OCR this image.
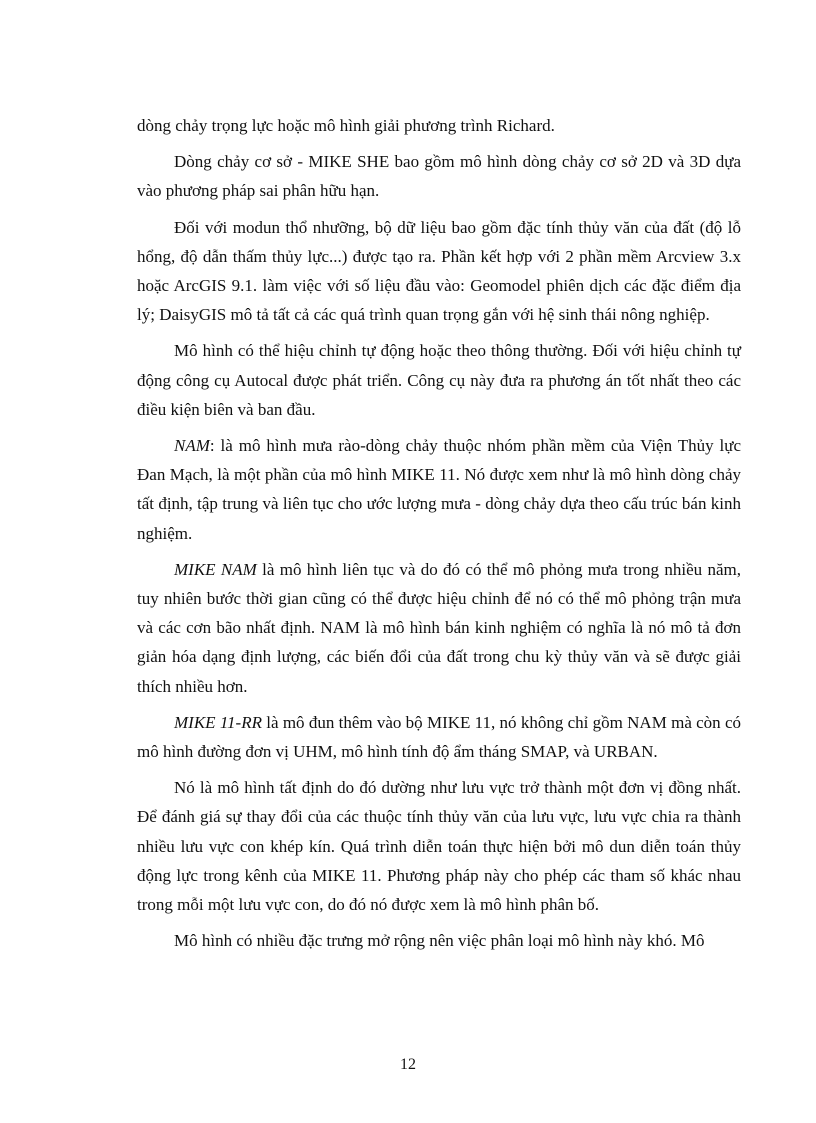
dòng chảy trọng lực hoặc mô hình giải phương trình Richard.

Dòng chảy cơ sở - MIKE SHE bao gồm mô hình dòng chảy cơ sở 2D và 3D dựa vào phương pháp sai phân hữu hạn.

Đối với modun thổ nhưỡng, bộ dữ liệu bao gồm đặc tính thủy văn của đất (độ lỗ hổng, độ dẫn thấm thủy lực...) được tạo ra. Phần kết hợp với 2 phần mềm Arcview 3.x hoặc ArcGIS 9.1. làm việc với số liệu đầu vào: Geomodel phiên dịch các đặc điểm địa lý; DaisyGIS mô tả tất cả các quá trình quan trọng gắn với hệ sinh thái nông nghiệp.

Mô hình có thể hiệu chỉnh tự động hoặc theo thông thường. Đối với hiệu chỉnh tự động công cụ Autocal được phát triển. Công cụ này đưa ra phương án tốt nhất theo các điều kiện biên và ban đầu.

NAM: là mô hình mưa rào-dòng chảy thuộc nhóm phần mềm của Viện Thủy lực Đan Mạch, là một phần của mô hình MIKE 11. Nó được xem như là mô hình dòng chảy tất định, tập trung và liên tục cho ước lượng mưa - dòng chảy dựa theo cấu trúc bán kinh nghiệm.

MIKE NAM là mô hình liên tục và do đó có thể mô phỏng mưa trong nhiều năm, tuy nhiên bước thời gian cũng có thể được hiệu chỉnh để nó có thể mô phỏng trận mưa và các cơn bão nhất định. NAM là mô hình bán kinh nghiệm có nghĩa là nó mô tả đơn giản hóa dạng định lượng, các biến đổi của đất trong chu kỳ thủy văn và sẽ được giải thích nhiều hơn.

MIKE 11-RR là mô đun thêm vào bộ MIKE 11, nó không chỉ gồm NAM mà còn có mô hình đường đơn vị UHM, mô hình tính độ ẩm tháng SMAP, và URBAN.

Nó là mô hình tất định do đó dường như lưu vực trở thành một đơn vị đồng nhất. Để đánh giá sự thay đổi của các thuộc tính thủy văn của lưu vực, lưu vực chia ra thành nhiều lưu vực con khép kín. Quá trình diễn toán thực hiện bởi mô dun diễn toán thủy động lực trong kênh của MIKE 11. Phương pháp này cho phép các tham số khác nhau trong mỗi một lưu vực con, do đó nó được xem là mô hình phân bố.

Mô hình có nhiều đặc trưng mở rộng nên việc phân loại mô hình này khó. Mô

12
